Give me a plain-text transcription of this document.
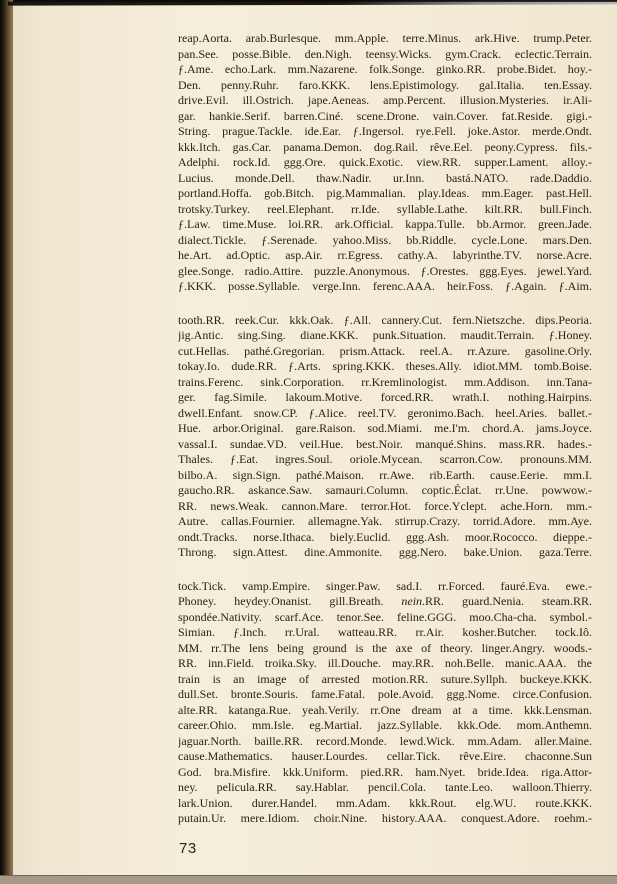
reap.Aorta. arab.Burlesque. mm.Apple. terre.Minus. ark.Hive. trump.Peter.
pan.See. posse.Bible. den.Nigh. teensy.Wicks. gym.Crack. eclectic.Terrain.
ƒ.Ame. echo.Lark. mm.Nazarene. folk.Songe. ginko.RR. probe.Bidet. hoy.-
Den. penny.Ruhr. faro.KKK. lens.Epistimology. gal.Italia. ten.Essay.
drive.Evil. ill.Ostrich. jape.Aeneas. amp.Percent. illusion.Mysteries. ir.Ali-
gar. hankie.Serif. barren.Ciné. scene.Drone. vain.Cover. fat.Reside. gigi.-
String. prague.Tackle. ide.Ear. ƒ.Ingersol. rye.Fell. joke.Astor. merde.Ondt.
kkk.Itch. gas.Car. panama.Demon. dog.Rail. rêve.Eel. peony.Cypress. fils.-
Adelphi. rock.Id. ggg.Ore. quick.Exotic. view.RR. supper.Lament. alloy.-
Lucius. monde.Dell. thaw.Nadir. ur.Inn. bastá.NATO. rade.Daddio.
portland.Hoffa. gob.Bitch. pig.Mammalian. play.Ideas. mm.Eager. past.Hell.
trotsky.Turkey. reel.Elephant. rr.Ide. syllable.Lathe. kilt.RR. bull.Finch.
ƒ.Law. time.Muse. loi.RR. ark.Official. kappa.Tulle. bb.Armor. green.Jade.
dialect.Tickle. ƒ.Serenade. yahoo.Miss. bb.Riddle. cycle.Lone. mars.Den.
he.Art. ad.Optic. asp.Air. rr.Egress. cathy.A. labyrinthe.TV. norse.Acre.
glee.Songe. radio.Attire. puzzle.Anonymous. ƒ.Orestes. ggg.Eyes. jewel.Yard.
ƒ.KKK. posse.Syllable. verge.Inn. ferenc.AAA. heir.Foss. ƒ.Again. ƒ.Aim.
tooth.RR. reek.Cur. kkk.Oak. ƒ.All. cannery.Cut. fern.Nietszche. dips.Peoria.
jig.Antic. sing.Sing. diane.KKK. punk.Situation. maudit.Terrain. ƒ.Honey.
cut.Hellas. pathé.Gregorian. prism.Attack. reel.A. rr.Azure. gasoline.Orly.
tokay.Io. dude.RR. ƒ.Arts. spring.KKK. theses.Ally. idiot.MM. tomb.Boise.
trains.Ferenc. sink.Corporation. rr.Kremlinologist. mm.Addison. inn.Tana-
ger. fag.Simile. lakoum.Motive. forced.RR. wrath.I. nothing.Hairpins.
dwell.Enfant. snow.CP. ƒ.Alice. reel.TV. geronimo.Bach. heel.Aries. ballet.-
Hue. arbor.Original. gare.Raison. sod.Miami. me.I'm. chord.A. jams.Joyce.
vassal.I. sundae.VD. veil.Hue. best.Noir. manqué.Shins. mass.RR. hades.-
Thales. ƒ.Eat. ingres.Soul. oriole.Mycean. scarron.Cow. pronouns.MM.
bilbo.A. sign.Sign. pathé.Maison. rr.Awe. rib.Earth. cause.Eerie. mm.I.
gaucho.RR. askance.Saw. samauri.Column. coptic.Éclat. rr.Une. powwow.-
RR. news.Weak. cannon.Mare. terror.Hot. force.Yclept. ache.Horn. mm.-
Autre. callas.Fournier. allemagne.Yak. stirrup.Crazy. torrid.Adore. mm.Aye.
ondt.Tracks. norse.Ithaca. biely.Euclid. ggg.Ash. moor.Rococco. dieppe.-
Throng. sign.Attest. dine.Ammonite. ggg.Nero. bake.Union. gaza.Terre.
tock.Tick. vamp.Empire. singer.Paw. sad.I. rr.Forced. fauré.Eva. ewe.-
Phoney. heydey.Onanist. gill.Breath. nein.RR. guard.Nenia. steam.RR.
spondée.Nativity. scarf.Ace. tenor.See. feline.GGG. moo.Cha-cha. symbol.-
Simian. ƒ.Inch. rr.Ural. watteau.RR. rr.Air. kosher.Butcher. tock.Iô.
MM. rr.The lens being ground is the axe of theory. linger.Angry. woods.-
RR. inn.Field. troika.Sky. ill.Douche. may.RR. noh.Belle. manic.AAA. the
train is an image of arrested motion.RR. suture.Syllph. buckeye.KKK.
dull.Set. bronte.Souris. fame.Fatal. pole.Avoid. ggg.Nome. circe.Confusion.
alte.RR. katanga.Rue. yeah.Verily. rr.One dream at a time. kkk.Lensman.
career.Ohio. mm.Isle. eg.Martial. jazz.Syllable. kkk.Ode. mom.Anthemn.
jaguar.North. baille.RR. record.Monde. lewd.Wick. mm.Adam. aller.Maine.
cause.Mathematics. hauser.Lourdes. cellar.Tick. rêve.Eire. chaconne.Sun
God. bra.Misfire. kkk.Uniform. pied.RR. ham.Nyet. bride.Idea. riga.Attor-
ney. pelicula.RR. say.Hablar. pencil.Cola. tante.Leo. walloon.Thierry.
lark.Union. durer.Handel. mm.Adam. kkk.Rout. elg.WU. route.KKK.
putain.Ur. mere.Idiom. choir.Nine. history.AAA. conquest.Adore. roehm.-
73
